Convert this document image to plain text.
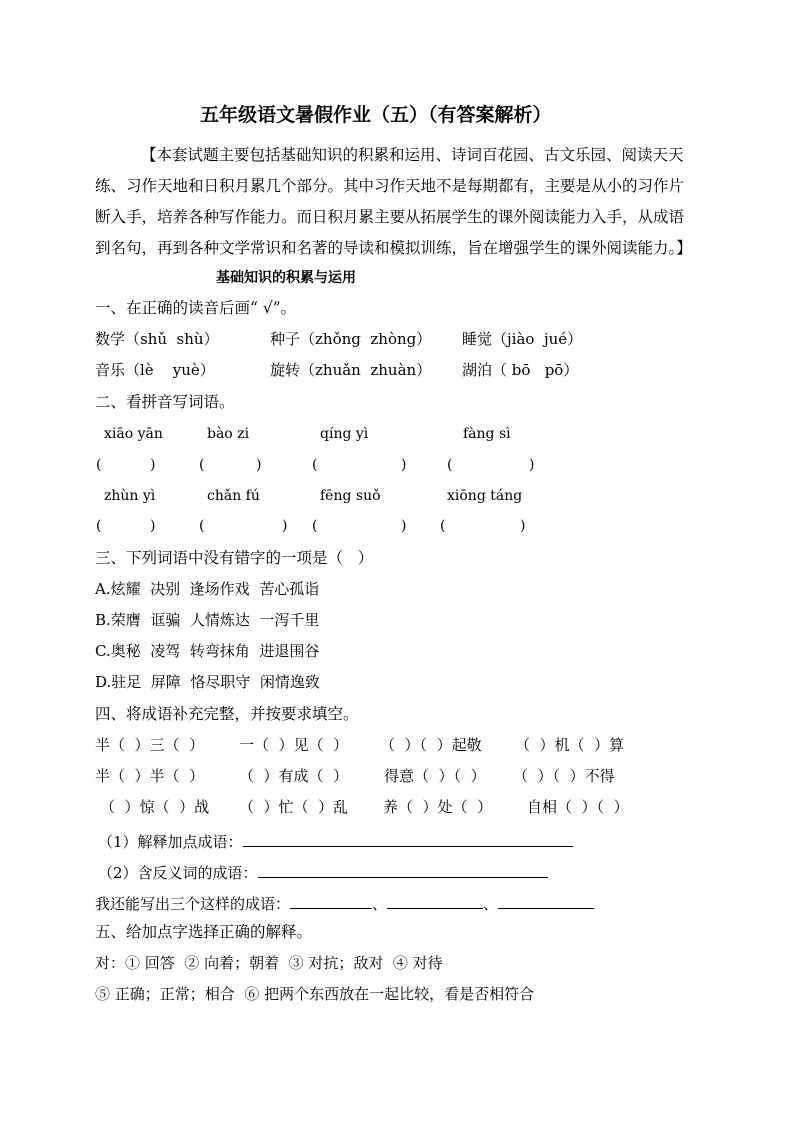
五年级语文暑假作业（五）（有答案解析）
【本套试题主要包括基础知识的积累和运用、诗词百花园、古文乐园、阅读天天
练、习作天地和日积月累几个部分。其中习作天地不是每期都有，主要是从小的习作片
断入手，培养各种写作能力。而日积月累主要从拓展学生的课外阅读能力入手，从成语
到名句，再到各种文学常识和名著的导读和模拟训练，旨在增强学生的课外阅读能力。】
基础知识的积累与运用
一、在正确的读音后画“ √”。
数学（shǔ  shù）	种子（zhǒng  zhòng） 睡觉（jiào  jué）
音乐（lè    yuè）	旋转（zhuǎn  zhuàn） 湖泊（ bō   pō）
二、看拼音写词语。
xiāo yān	bào zi	qíng yì	fàng sì
(	)	(	)	(	)	(	)
zhùn yì	chǎn fú	fēng suǒ	xiōng táng
(	)	(	) (	) (	)
三、下列词语中没有错字的一项是（   ）
A.炫耀  决别  逢场作戏  苦心孤诣
B.荣膺  诓骗  人情炼达  一泻千里
C.奥秘  凌驾  转弯抹角  进退围谷
D.驻足  屏障  恪尽职守  闲情逸致
四、将成语补充完整，并按要求填空。
半（  ）三（  ） 一（  ）见（  ） （  ）（  ）起敬 （  ）机（  ）算
半（  ）半（  ） （  ）有成（  ） 得意（  ）（  ） （  ）（  ）不得
（  ）惊（  ）战 （  ）忙（  ）乱 养（  ）处（  ） 自相（  ）（  ）
（1）解释加点成语：
（2）含反义词的成语：
我还能写出三个这样的成语：	、	、
五、给加点字选择正确的解释。
对：① 回答  ② 向着；朝着  ③ 对抗；敌对  ④ 对待
⑤ 正确；正常；相合  ⑥ 把两个东西放在一起比较，看是否相符合
